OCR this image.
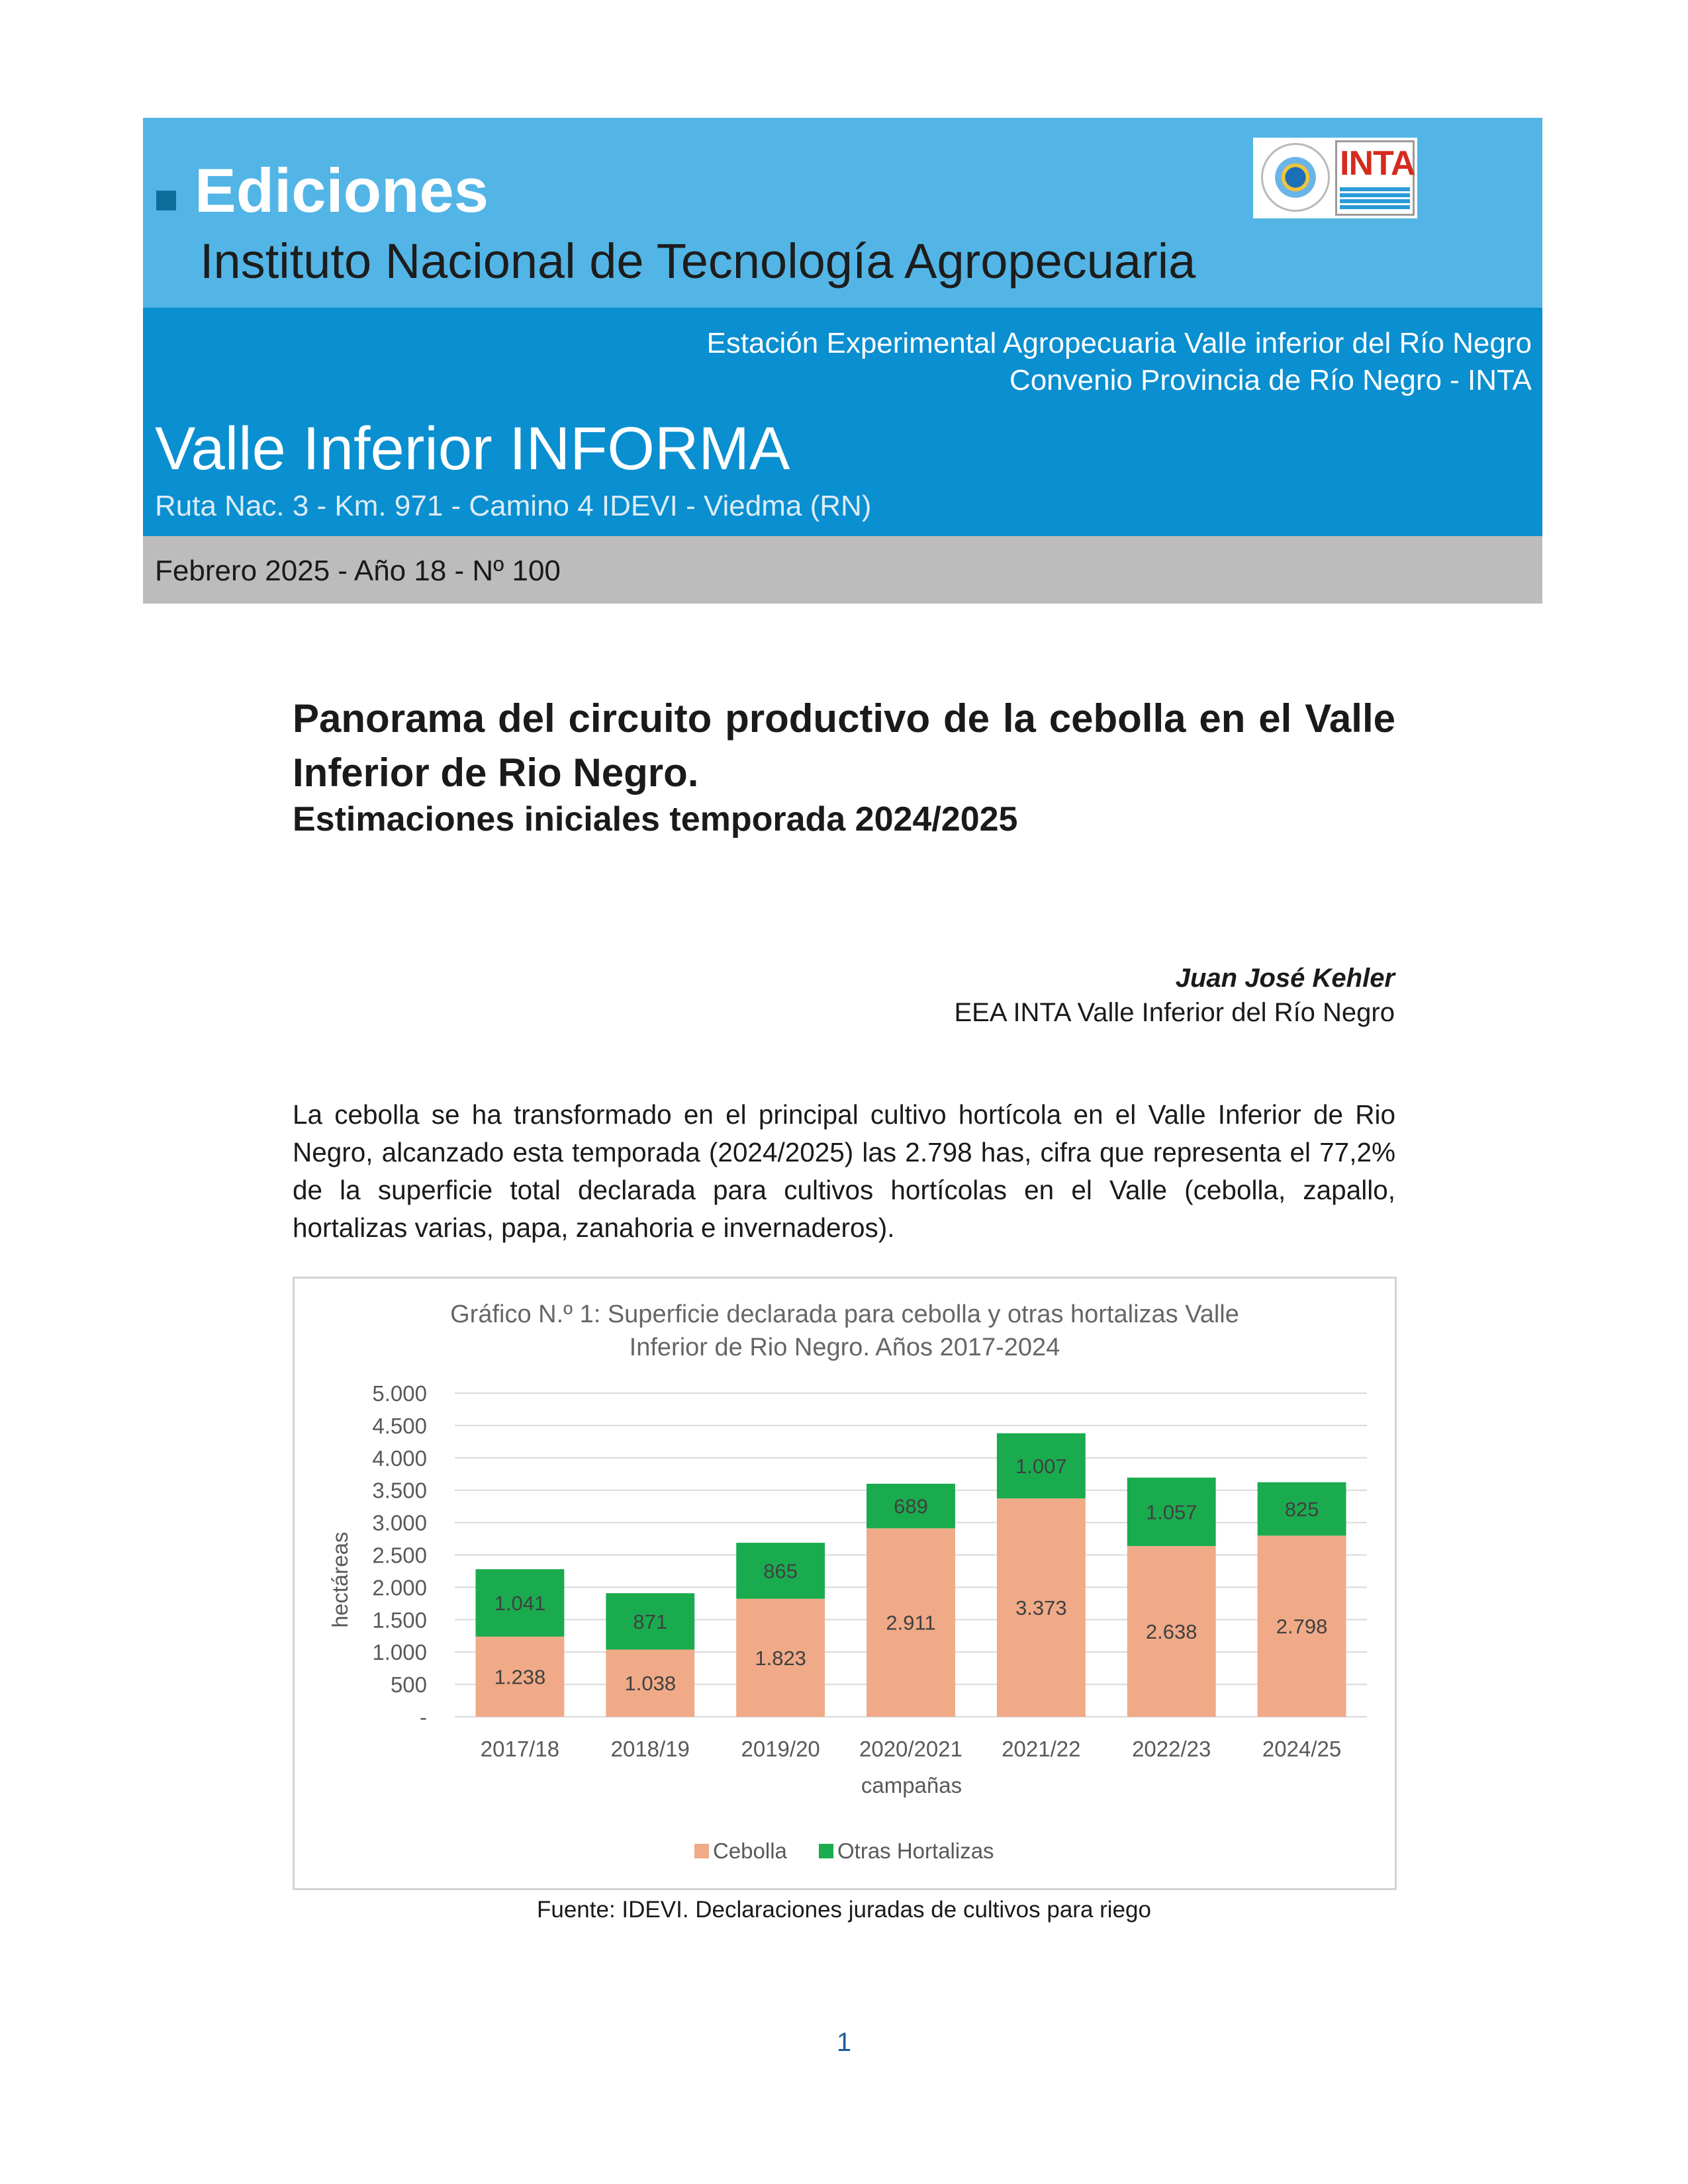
Ediciones
Instituto Nacional de Tecnología Agropecuaria
INTA
Estación Experimental Agropecuaria Valle inferior del Río Negro
Convenio Provincia de Río Negro - INTA
Valle Inferior INFORMA
Ruta Nac. 3 - Km. 971 - Camino 4 IDEVI - Viedma (RN)
Febrero 2025 - Año 18 - Nº 100
Panorama del circuito productivo de la cebolla en el Valle Inferior de Rio Negro.
Estimaciones iniciales temporada 2024/2025
Juan José Kehler
EEA INTA Valle Inferior del Río Negro
La cebolla se ha transformado en el principal cultivo hortícola en el Valle Inferior de Rio Negro, alcanzado esta temporada (2024/2025) las 2.798 has, cifra que representa el 77,2% de la superficie total declarada para cultivos hortícolas en el Valle (cebolla, zapallo, hortalizas varias, papa, zanahoria e invernaderos).
Gráfico N.º 1: Superficie declarada para cebolla y otras hortalizas Valle
Inferior de Rio Negro. Años 2017-2024
-
500
1.000
1.500
2.000
2.500
3.000
3.500
4.000
4.500
5.000
1.238
1.041
1.038
871
1.823
865
2.911
689
3.373
1.007
2.638
1.057
2.798
825
2017/18 2018/19 2019/20 2020/2021 2021/22 2022/23 2024/25
hectáreas
campañas
Cebolla Otras Hortalizas
Fuente: IDEVI. Declaraciones juradas de cultivos para riego
1
